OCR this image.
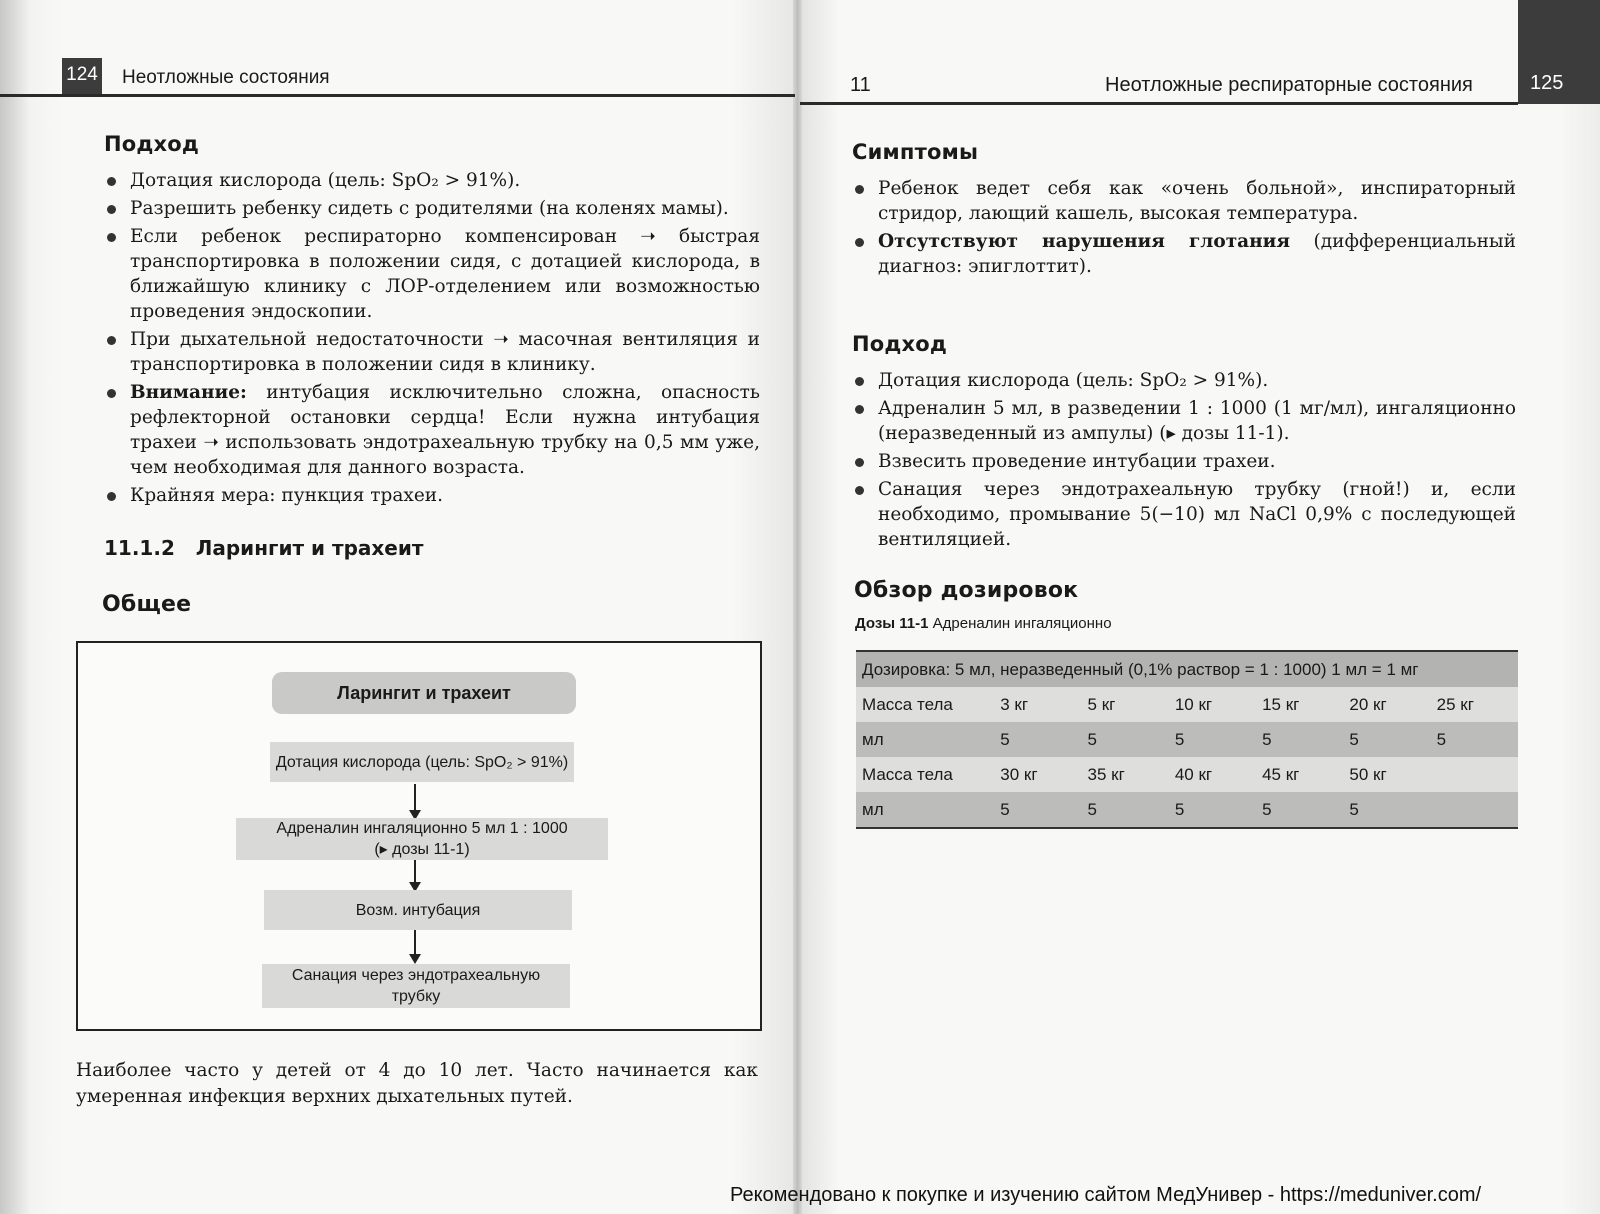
124 Неотложные состояния
Подход
Дотация кислорода (цель: SpO₂ > 91%).
Разрешить ребенку сидеть с родителями (на коленях мамы).
Если ребенок респираторно компенсирован ➝ быстрая транспортировка в положении сидя, с дотацией кислорода, в ближайшую клинику с ЛОР-отделением или возможностью проведения эндоскопии.
При дыхательной недостаточности ➝ масочная вентиляция и транспортировка в положении сидя в клинику.
Внимание: интубация исключительно сложна, опасность рефлекторной остановки сердца! Если нужна интубация трахеи ➝ использовать эндотрахеальную трубку на 0,5 мм уже, чем необходимая для данного возраста.
Крайняя мера: пункция трахеи.
11.1.2 Ларингит и трахеит
Общее
Ларингит и трахеит
Дотация кислорода (цель: SpO₂ > 91%)
Адреналин ингаляционно 5 мл 1 : 1000
(▸ дозы 11-1)
Возм. интубация
Санация через эндотрахеальную
трубку

Наиболее часто у детей от 4 до 10 лет. Часто начинается как умеренная инфекция верхних дыхательных путей.

11	Неотложные респираторные состояния	125
Симптомы
Ребенок ведет себя как «очень больной», инспираторный стридор, лающий кашель, высокая температура.
Отсутствуют нарушения глотания (дифференциальный диагноз: эпиглоттит).
Подход
Дотация кислорода (цель: SpO₂ > 91%).
Адреналин 5 мл, в разведении 1 : 1000 (1 мг/мл), ингаляционно (неразведенный из ампулы) (▸ дозы 11-1).
Взвесить проведение интубации трахеи.
Санация через эндотрахеальную трубку (гной!) и, если необходимо, промывание 5(−10) мл NaCl 0,9% с последующей вентиляцией.
Обзор дозировок
Дозы 11-1 Адреналин ингаляционно
Дозировка: 5 мл, неразведенный (0,1% раствор = 1 : 1000) 1 мл = 1 мг						
Масса тела	3 кг	5 кг	10 кг	15 кг	20 кг	25 кг
мл	5	5	5	5	5	5
Масса тела	30 кг	35 кг	40 кг	45 кг	50 кг	
мл	5	5	5	5	5	
Рекомендовано к покупке и изучению сайтом МедУнивер - https://meduniver.com/
